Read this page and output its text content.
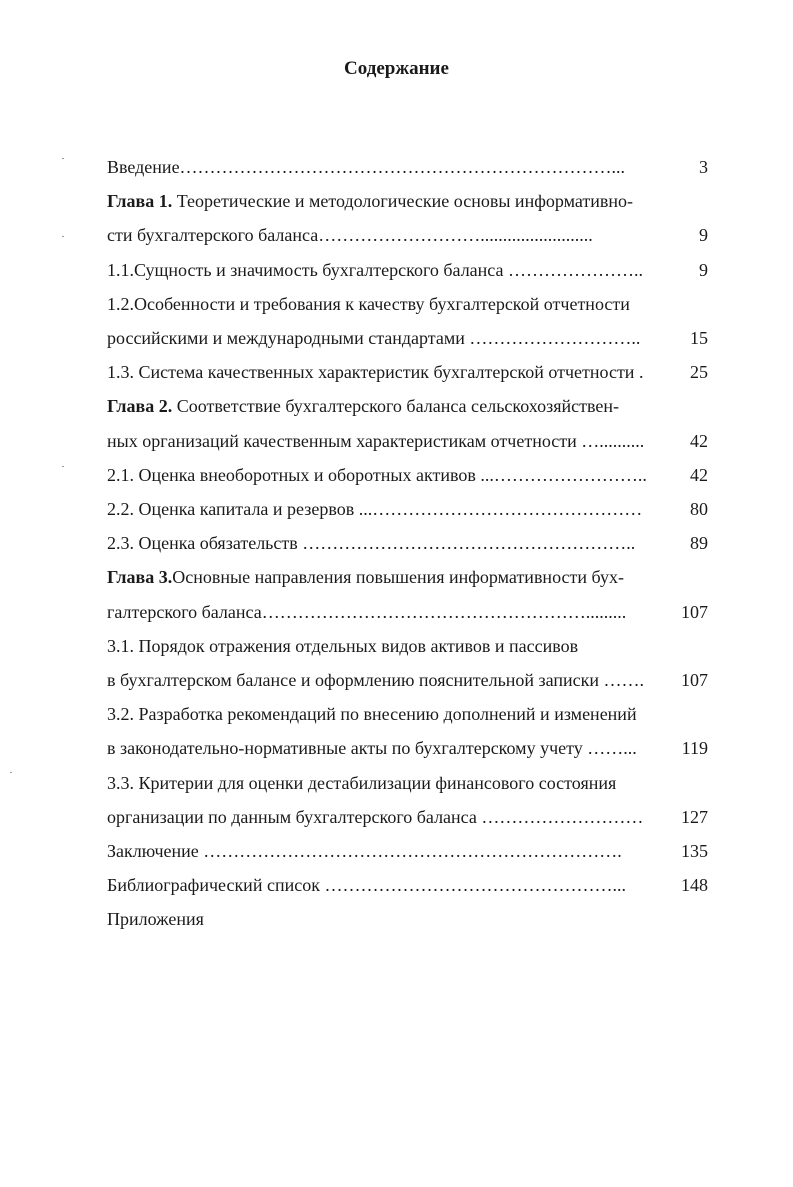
Содержание
Введение………………………………………………………………...	3
Глава 1. Теоретические и методологические основы информативно-
сти бухгалтерского баланса……………………….........................	9
1.1.Сущность и значимость бухгалтерского баланса …………………..	9
1.2.Особенности и требования к качеству бухгалтерской отчетности
российскими и международными стандартами ………………………..	15
1.3. Система качественных характеристик бухгалтерской отчетности .	25
Глава 2. Соответствие бухгалтерского баланса сельскохозяйствен-
ных организаций качественным характеристикам отчетности …..........	42
2.1. Оценка внеоборотных и оборотных активов ...……………………..	42
2.2. Оценка капитала и резервов ...………………………………………	80
2.3. Оценка обязательств ………………………………………………..	89
Глава 3.Основные направления повышения информативности бух-
галтерского баланса……………………………………………….........	107
3.1. Порядок отражения отдельных видов активов и пассивов
в бухгалтерском балансе и оформлению пояснительной записки …….	107
3.2. Разработка рекомендаций по внесению дополнений и изменений
в законодательно-нормативные акты по бухгалтерскому учету ……...	119
3.3. Критерии для оценки дестабилизации финансового состояния
организации по данным бухгалтерского баланса ………………………	127
Заключение …………………………………………………………….	135
Библиографический список …………………………………………...	148
Приложения
